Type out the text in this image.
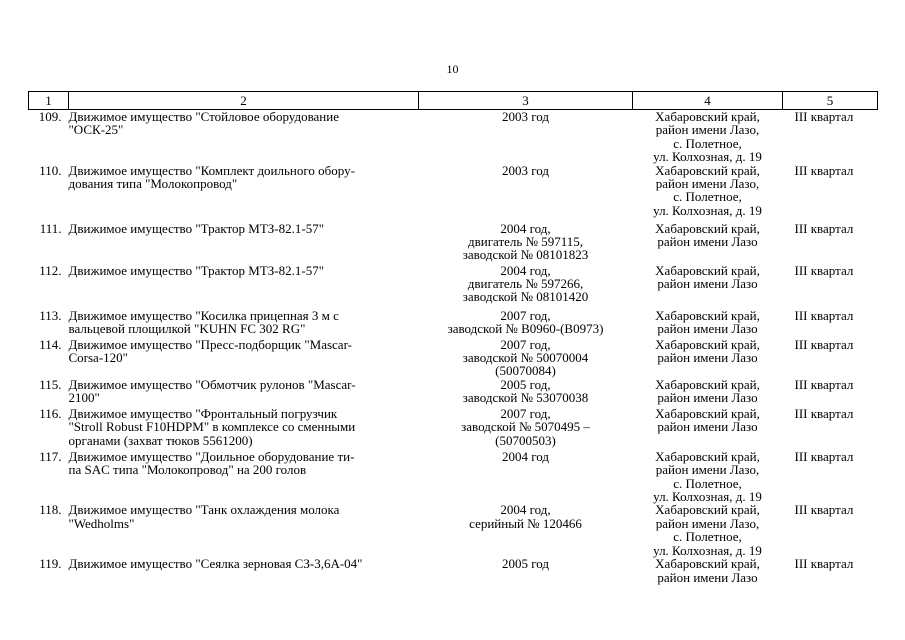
10
1	2	3	4	5
109.	Движимое имущество "Стойловое оборудование
"ОСК-25"	2003 год	Хабаровский край,
район имени Лазо,
с. Полетное,
ул. Колхозная, д. 19	III квартал
110.	Движимое имущество "Комплект доильного обору-
дования типа "Молокопровод"	2003 год	Хабаровский край,
район имени Лазо,
с. Полетное,
ул. Колхозная, д. 19	III квартал
111.	Движимое имущество "Трактор МТЗ-82.1-57"	2004 год,
двигатель № 597115,
заводской № 08101823	Хабаровский край,
район имени Лазо	III квартал
112.	Движимое имущество "Трактор МТЗ-82.1-57"	2004 год,
двигатель № 597266,
заводской № 08101420	Хабаровский край,
район имени Лазо	III квартал
113.	Движимое имущество "Косилка прицепная 3 м с
вальцевой площилкой "KUHN FC 302 RG"	2007 год,
заводской № B0960-(B0973)	Хабаровский край,
район имени Лазо	III квартал
114.	Движимое имущество "Пресс-подборщик "Mascar-
Corsa-120"	2007 год,
заводской № 50070004
(50070084)	Хабаровский край,
район имени Лазо	III квартал
115.	Движимое имущество "Обмотчик рулонов "Mascar-
2100"	2005 год,
заводской № 53070038	Хабаровский край,
район имени Лазо	III квартал
116.	Движимое имущество "Фронтальный погрузчик
"Stroll Robust F10HDPM" в комплексе со сменными
органами (захват тюков 5561200)	2007 год,
заводской № 5070495 –
(50700503)	Хабаровский край,
район имени Лазо	III квартал
117.	Движимое имущество "Доильное оборудование ти-
па SAC типа "Молокопровод" на 200 голов	2004 год	Хабаровский край,
район имени Лазо,
с. Полетное,
ул. Колхозная, д. 19	III квартал
118.	Движимое имущество "Танк охлаждения молока
"Wedholms"	2004 год,
серийный № 120466	Хабаровский край,
район имени Лазо,
с. Полетное,
ул. Колхозная, д. 19	III квартал
119.	Движимое имущество "Сеялка зерновая СЗ-3,6А-04"	2005 год	Хабаровский край,
район имени Лазо	III квартал
